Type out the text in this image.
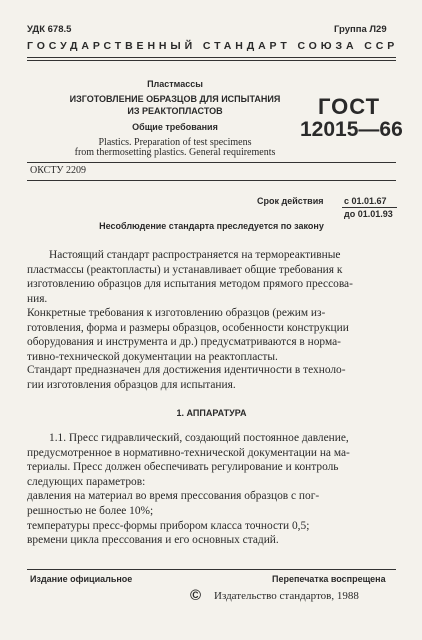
УДК 678.5	Группа Л29
ГОСУДАРСТВЕННЫЙ СТАНДАРТ СОЮЗА ССР
Пластмассы
ИЗГОТОВЛЕНИЕ ОБРАЗЦОВ ДЛЯ ИСПЫТАНИЯ
ИЗ РЕАКТОПЛАСТОВ
Общие требования
Plastics. Preparation of test specimens
from thermosetting plastics. General requirements
ГОСТ
12015—66
ОКСТУ 2209
Срок действия с 01.01.67
до 01.01.93
Несоблюдение стандарта преследуется по закону
Настоящий стандарт распространяется на термореактивные
пластмассы (реактопласты) и устанавливает общие требования к
изготовлению образцов для испытания методом прямого прессова-
ния.
Конкретные требования к изготовлению образцов (режим из-
готовления, форма и размеры образцов, особенности конструкции
оборудования и инструмента и др.) предусматриваются в норма-
тивно-технической документации на реактопласты.
Стандарт предназначен для достижения идентичности в техноло-
гии изготовления образцов для испытания.
1. АППАРАТУРА
1.1. Пресс гидравлический, создающий постоянное давление,
предусмотренное в нормативно-технической документации на ма-
териалы. Пресс должен обеспечивать регулирование и контроль
следующих параметров:
давления на материал во время прессования образцов с пог-
решностью не более 10%;
температуры пресс-формы прибором класса точности 0,5;
времени цикла прессования и его основных стадий.
Издание официальное	Перепечатка воспрещена
© Издательство стандартов, 1988
